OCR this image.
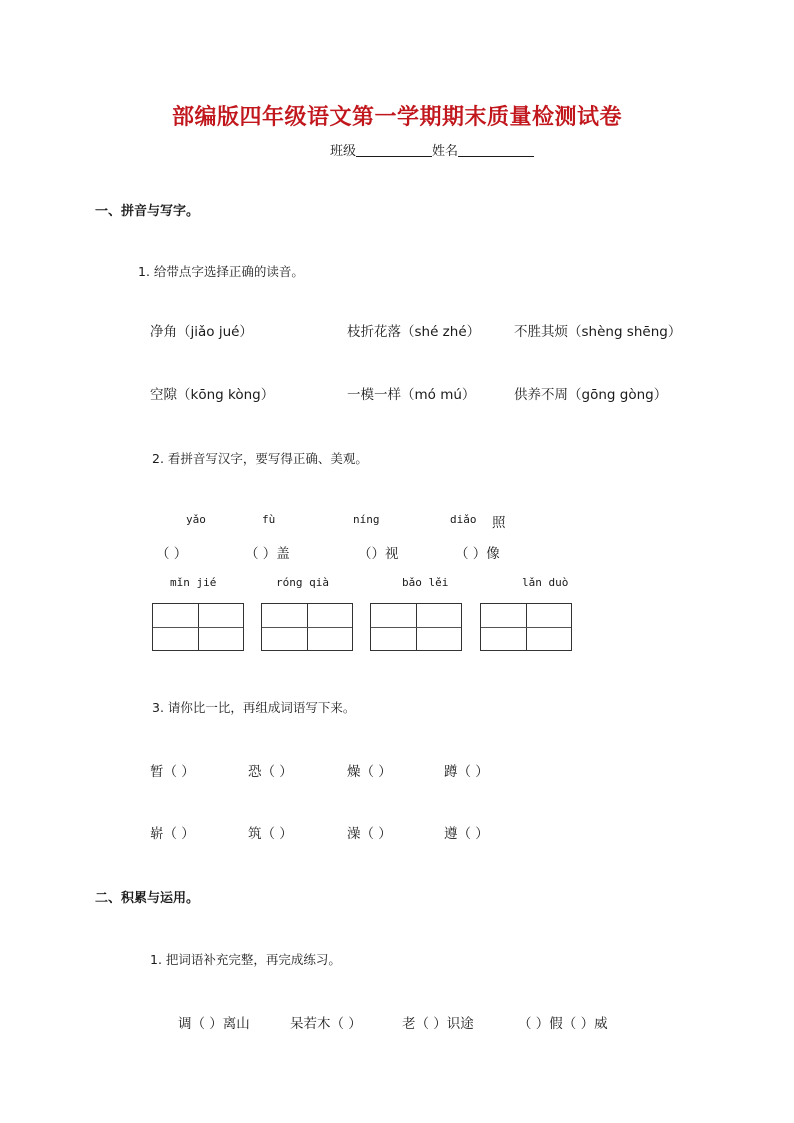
部编版四年级语文第一学期期末质量检测试卷
班级	姓名
一、拼音与写字。
1. 给带点字选择正确的读音。
净角（jiǎo jué）	枝折花落（shé zhé）	不胜其烦（shèng shēng）
空隙（kōng kòng）	一模一样（mó mú）	供养不周（gōng gòng）
2. 看拼音写汉字，要写得正确、美观。
yǎo	fù	níng	diǎo 照
（ ）	（ ）盖	（）视	（ ）像
mǐn jié	róng qià	bǎo lěi	lǎn duò
3. 请你比一比，再组成词语写下来。
暂（ ）	恐（ ）	燥（ ）	蹲（ ）
崭（ ）	筑（ ）	澡（ ）	遵（ ）
二、积累与运用。
1. 把词语补充完整，再完成练习。
调（ ）离山	呆若木（ ）	老（ ）识途	（ ）假（ ）威
